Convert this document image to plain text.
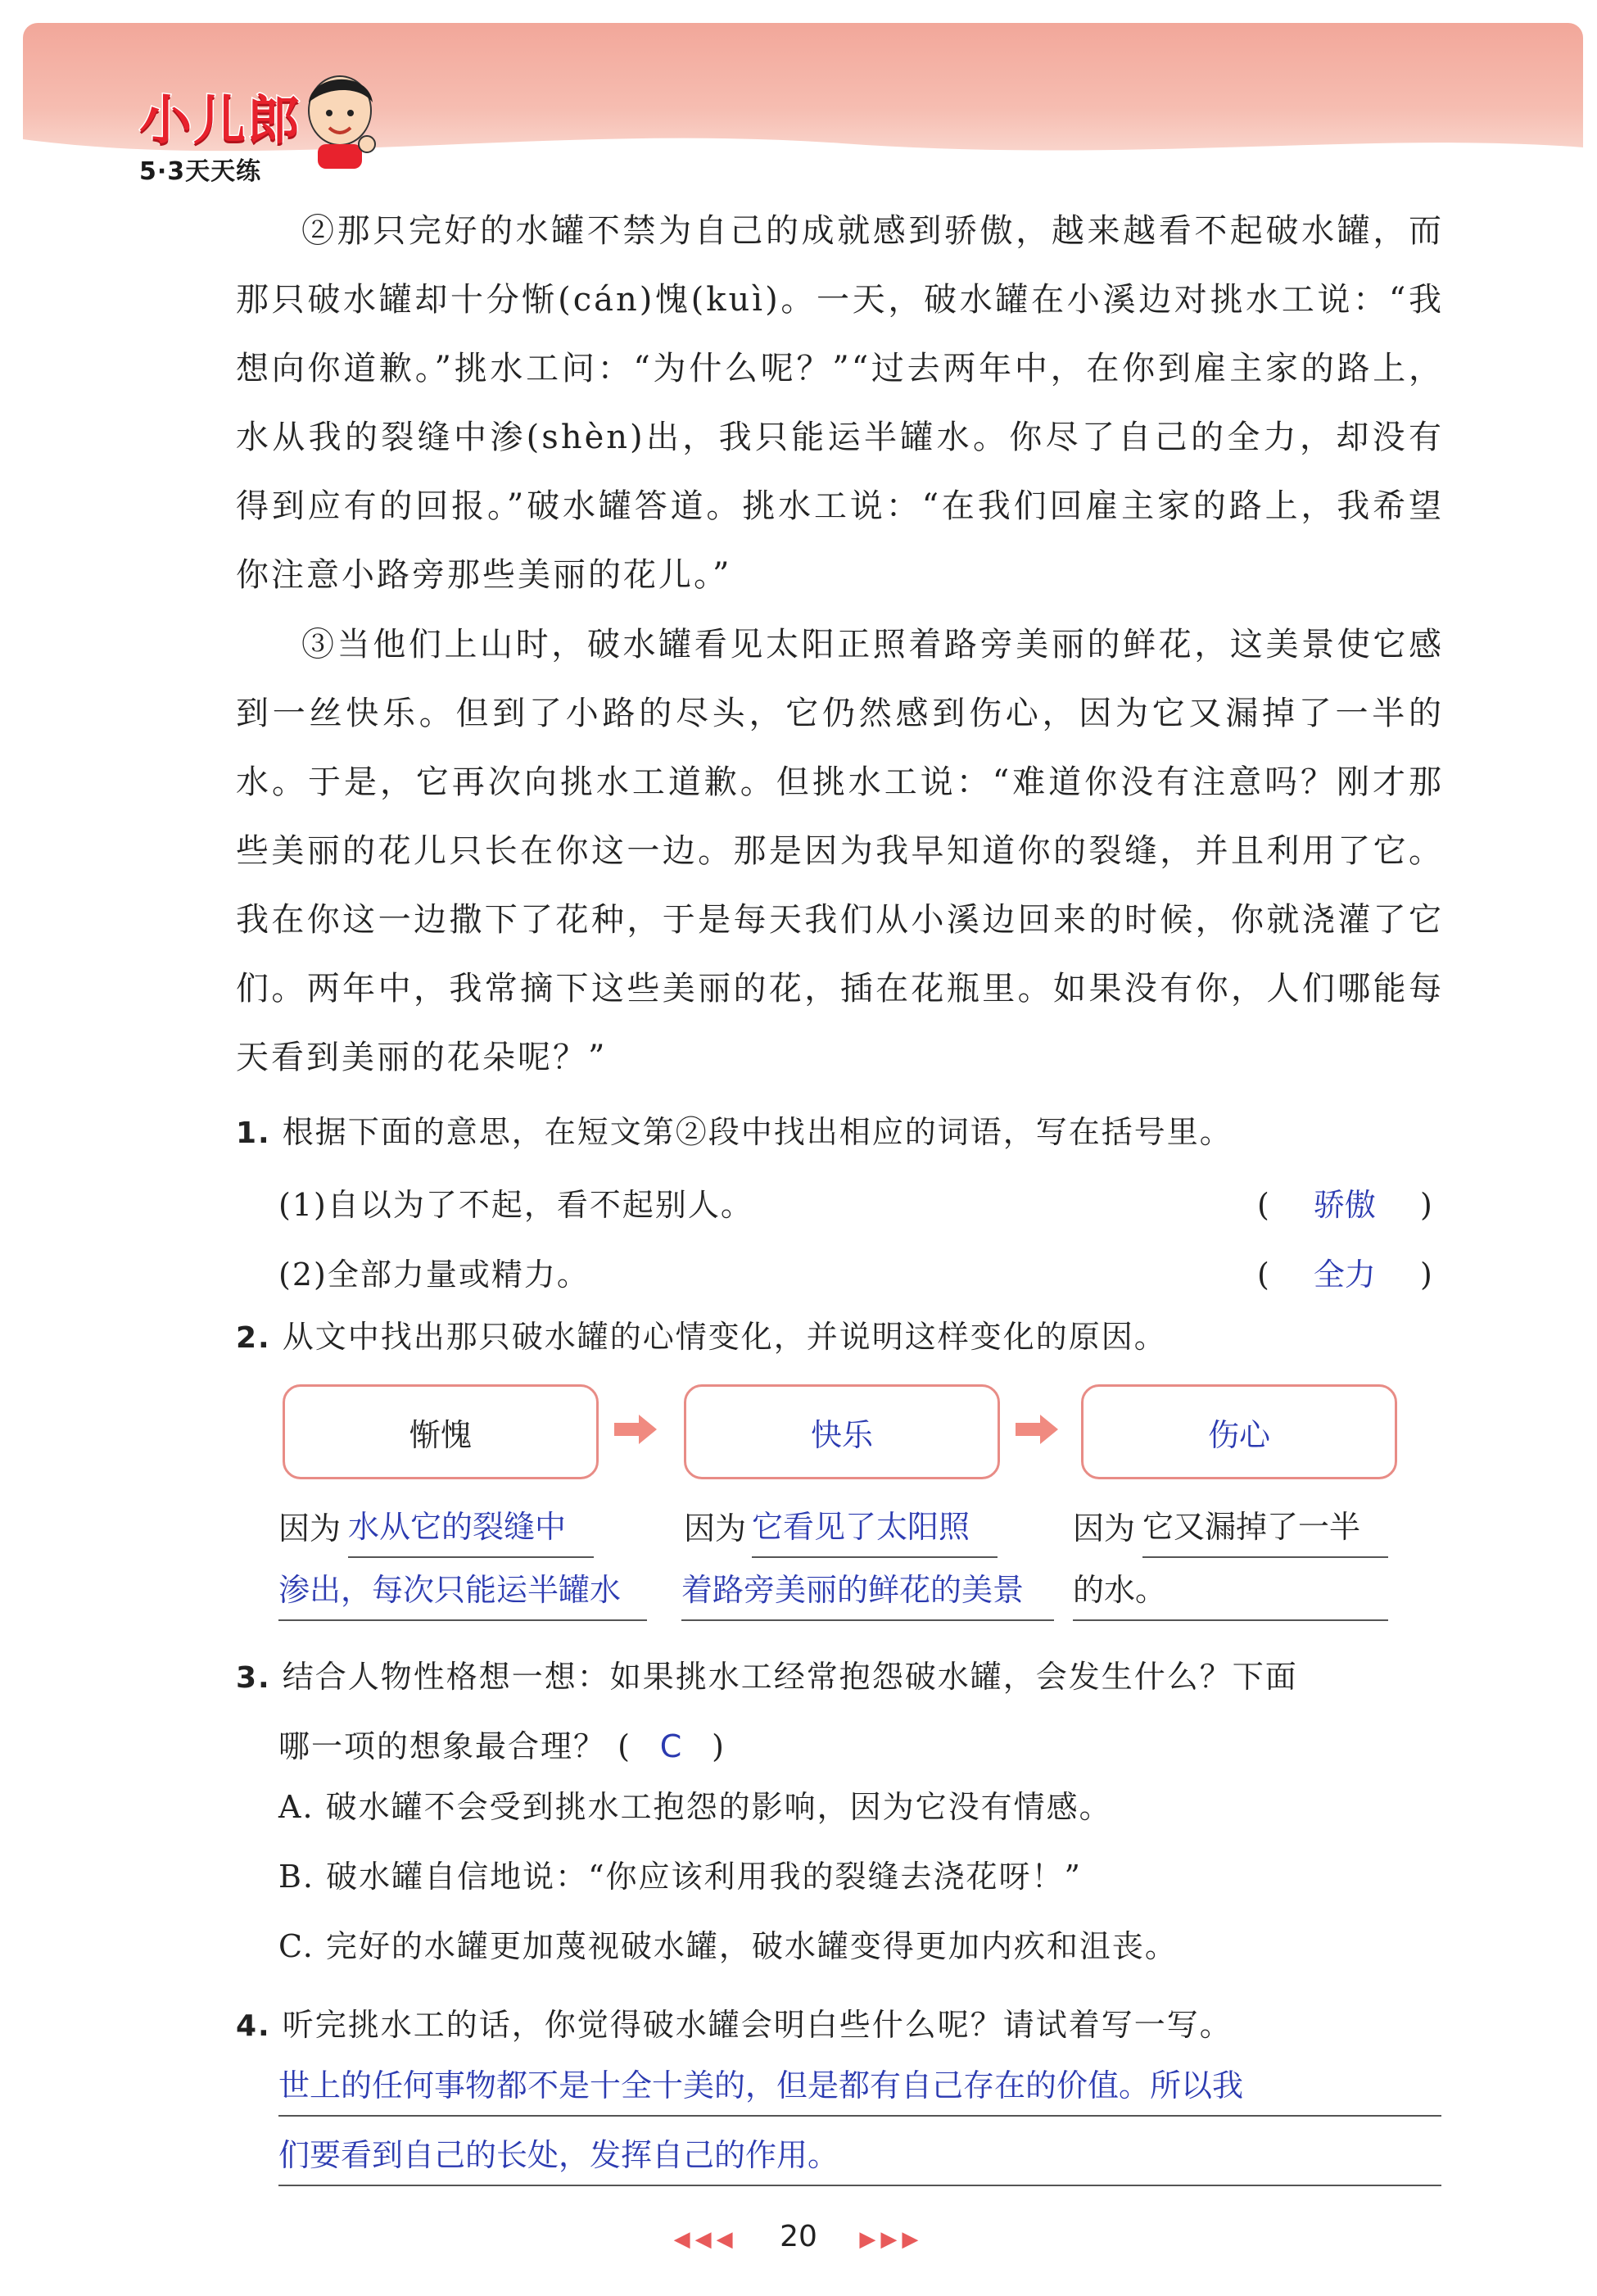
小儿郎
5·3天天练
②那只完好的水罐不禁为自己的成就感到骄傲，越来越看不起破水罐，而那只破水罐却十分惭(cán)愧(kuì)。一天，破水罐在小溪边对挑水工说：“我想向你道歉。”挑水工问：“为什么呢？”“过去两年中，在你到雇主家的路上，水从我的裂缝中渗(shèn)出，我只能运半罐水。你尽了自己的全力，却没有得到应有的回报。”破水罐答道。挑水工说：“在我们回雇主家的路上，我希望你注意小路旁那些美丽的花儿。”
③当他们上山时，破水罐看见太阳正照着路旁美丽的鲜花，这美景使它感到一丝快乐。但到了小路的尽头，它仍然感到伤心，因为它又漏掉了一半的水。于是，它再次向挑水工道歉。但挑水工说：“难道你没有注意吗？刚才那些美丽的花儿只长在你这一边。那是因为我早知道你的裂缝，并且利用了它。我在你这一边撒下了花种，于是每天我们从小溪边回来的时候，你就浇灌了它们。两年中，我常摘下这些美丽的花，插在花瓶里。如果没有你，人们哪能每天看到美丽的花朵呢？”
1. 根据下面的意思，在短文第②段中找出相应的词语，写在括号里。
(1)自以为了不起，看不起别人。	( 骄傲 )
(2)全部力量或精力。	( 全力 )
2. 从文中找出那只破水罐的心情变化，并说明这样变化的原因。
惭愧	快乐	伤心
因为 水从它的裂缝中
渗出，每次只能运半罐水
因为 它看见了太阳照
着路旁美丽的鲜花的美景
因为 它又漏掉了一半
的水。
3. 结合人物性格想一想：如果挑水工经常抱怨破水罐，会发生什么？下面
哪一项的想象最合理？ ( C )
A. 破水罐不会受到挑水工抱怨的影响，因为它没有情感。
B. 破水罐自信地说：“你应该利用我的裂缝去浇花呀！”
C. 完好的水罐更加蔑视破水罐，破水罐变得更加内疚和沮丧。
4. 听完挑水工的话，你觉得破水罐会明白些什么呢？请试着写一写。
世上的任何事物都不是十全十美的，但是都有自己存在的价值。所以我
们要看到自己的长处，发挥自己的作用。
◀◀◀ 20 ▶▶▶
